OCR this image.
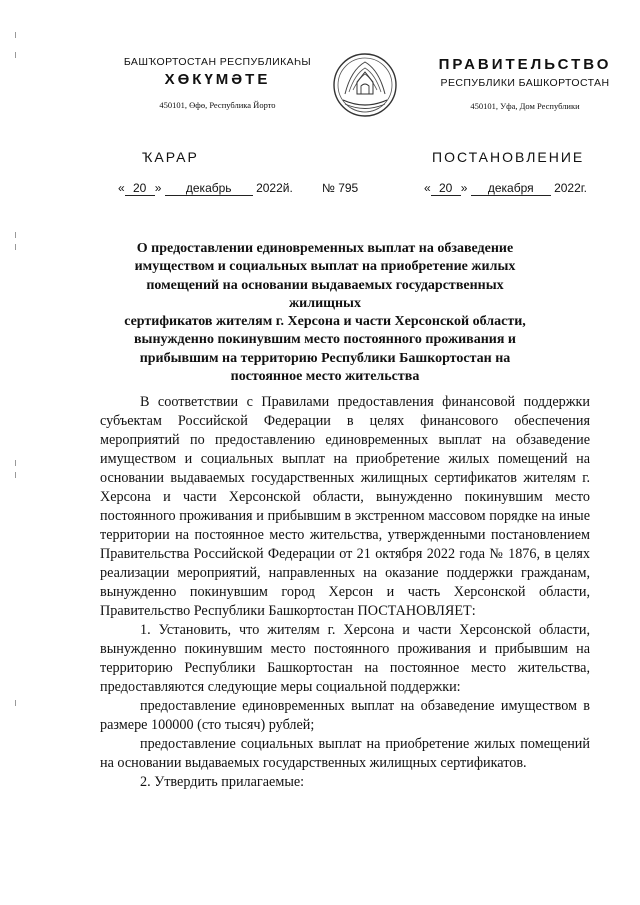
БАШҠОРТОСТАН РЕСПУБЛИКАҺЫ
ХӨКҮМӘТЕ
450101, Өфө, Республика Йорто
ПРАВИТЕЛЬСТВО
РЕСПУБЛИКИ БАШКОРТОСТАН
450101, Уфа, Дом Республики
ҠАРАР	ПОСТАНОВЛЕНИЕ
« 20 » декабрь 2022й. № 795	« 20 » декабря 2022г.
О предоставлении единовременных выплат на обзаведение
имуществом и социальных выплат на приобретение жилых
помещений на основании выдаваемых государственных жилищных
сертификатов жителям г. Херсона и части Херсонской области,
вынужденно покинувшим место постоянного проживания и
прибывшим на территорию Республики Башкортостан на
постоянное место жительства

В соответствии с Правилами предоставления финансовой поддержки субъектам Российской Федерации в целях финансового обеспечения мероприятий по предоставлению единовременных выплат на обзаведение имуществом и социальных выплат на приобретение жилых помещений на основании выдаваемых государственных жилищных сертификатов жителям г. Херсона и части Херсонской области, вынужденно покинувшим место постоянного проживания и прибывшим в экстренном массовом порядке на иные территории на постоянное место жительства, утвержденными постановлением Правительства Российской Федерации от 21 октября 2022 года № 1876, в целях реализации мероприятий, направленных на оказание поддержки гражданам, вынужденно покинувшим город Херсон и часть Херсонской области, Правительство Республики Башкортостан ПОСТАНОВЛЯЕТ:

1. Установить, что жителям г. Херсона и части Херсонской области, вынужденно покинувшим место постоянного проживания и прибывшим на территорию Республики Башкортостан на постоянное место жительства, предоставляются следующие меры социальной поддержки:

предоставление единовременных выплат на обзаведение имуществом в размере 100000 (сто тысяч) рублей;

предоставление социальных выплат на приобретение жилых помещений на основании выдаваемых государственных жилищных сертификатов.

2. Утвердить прилагаемые:
